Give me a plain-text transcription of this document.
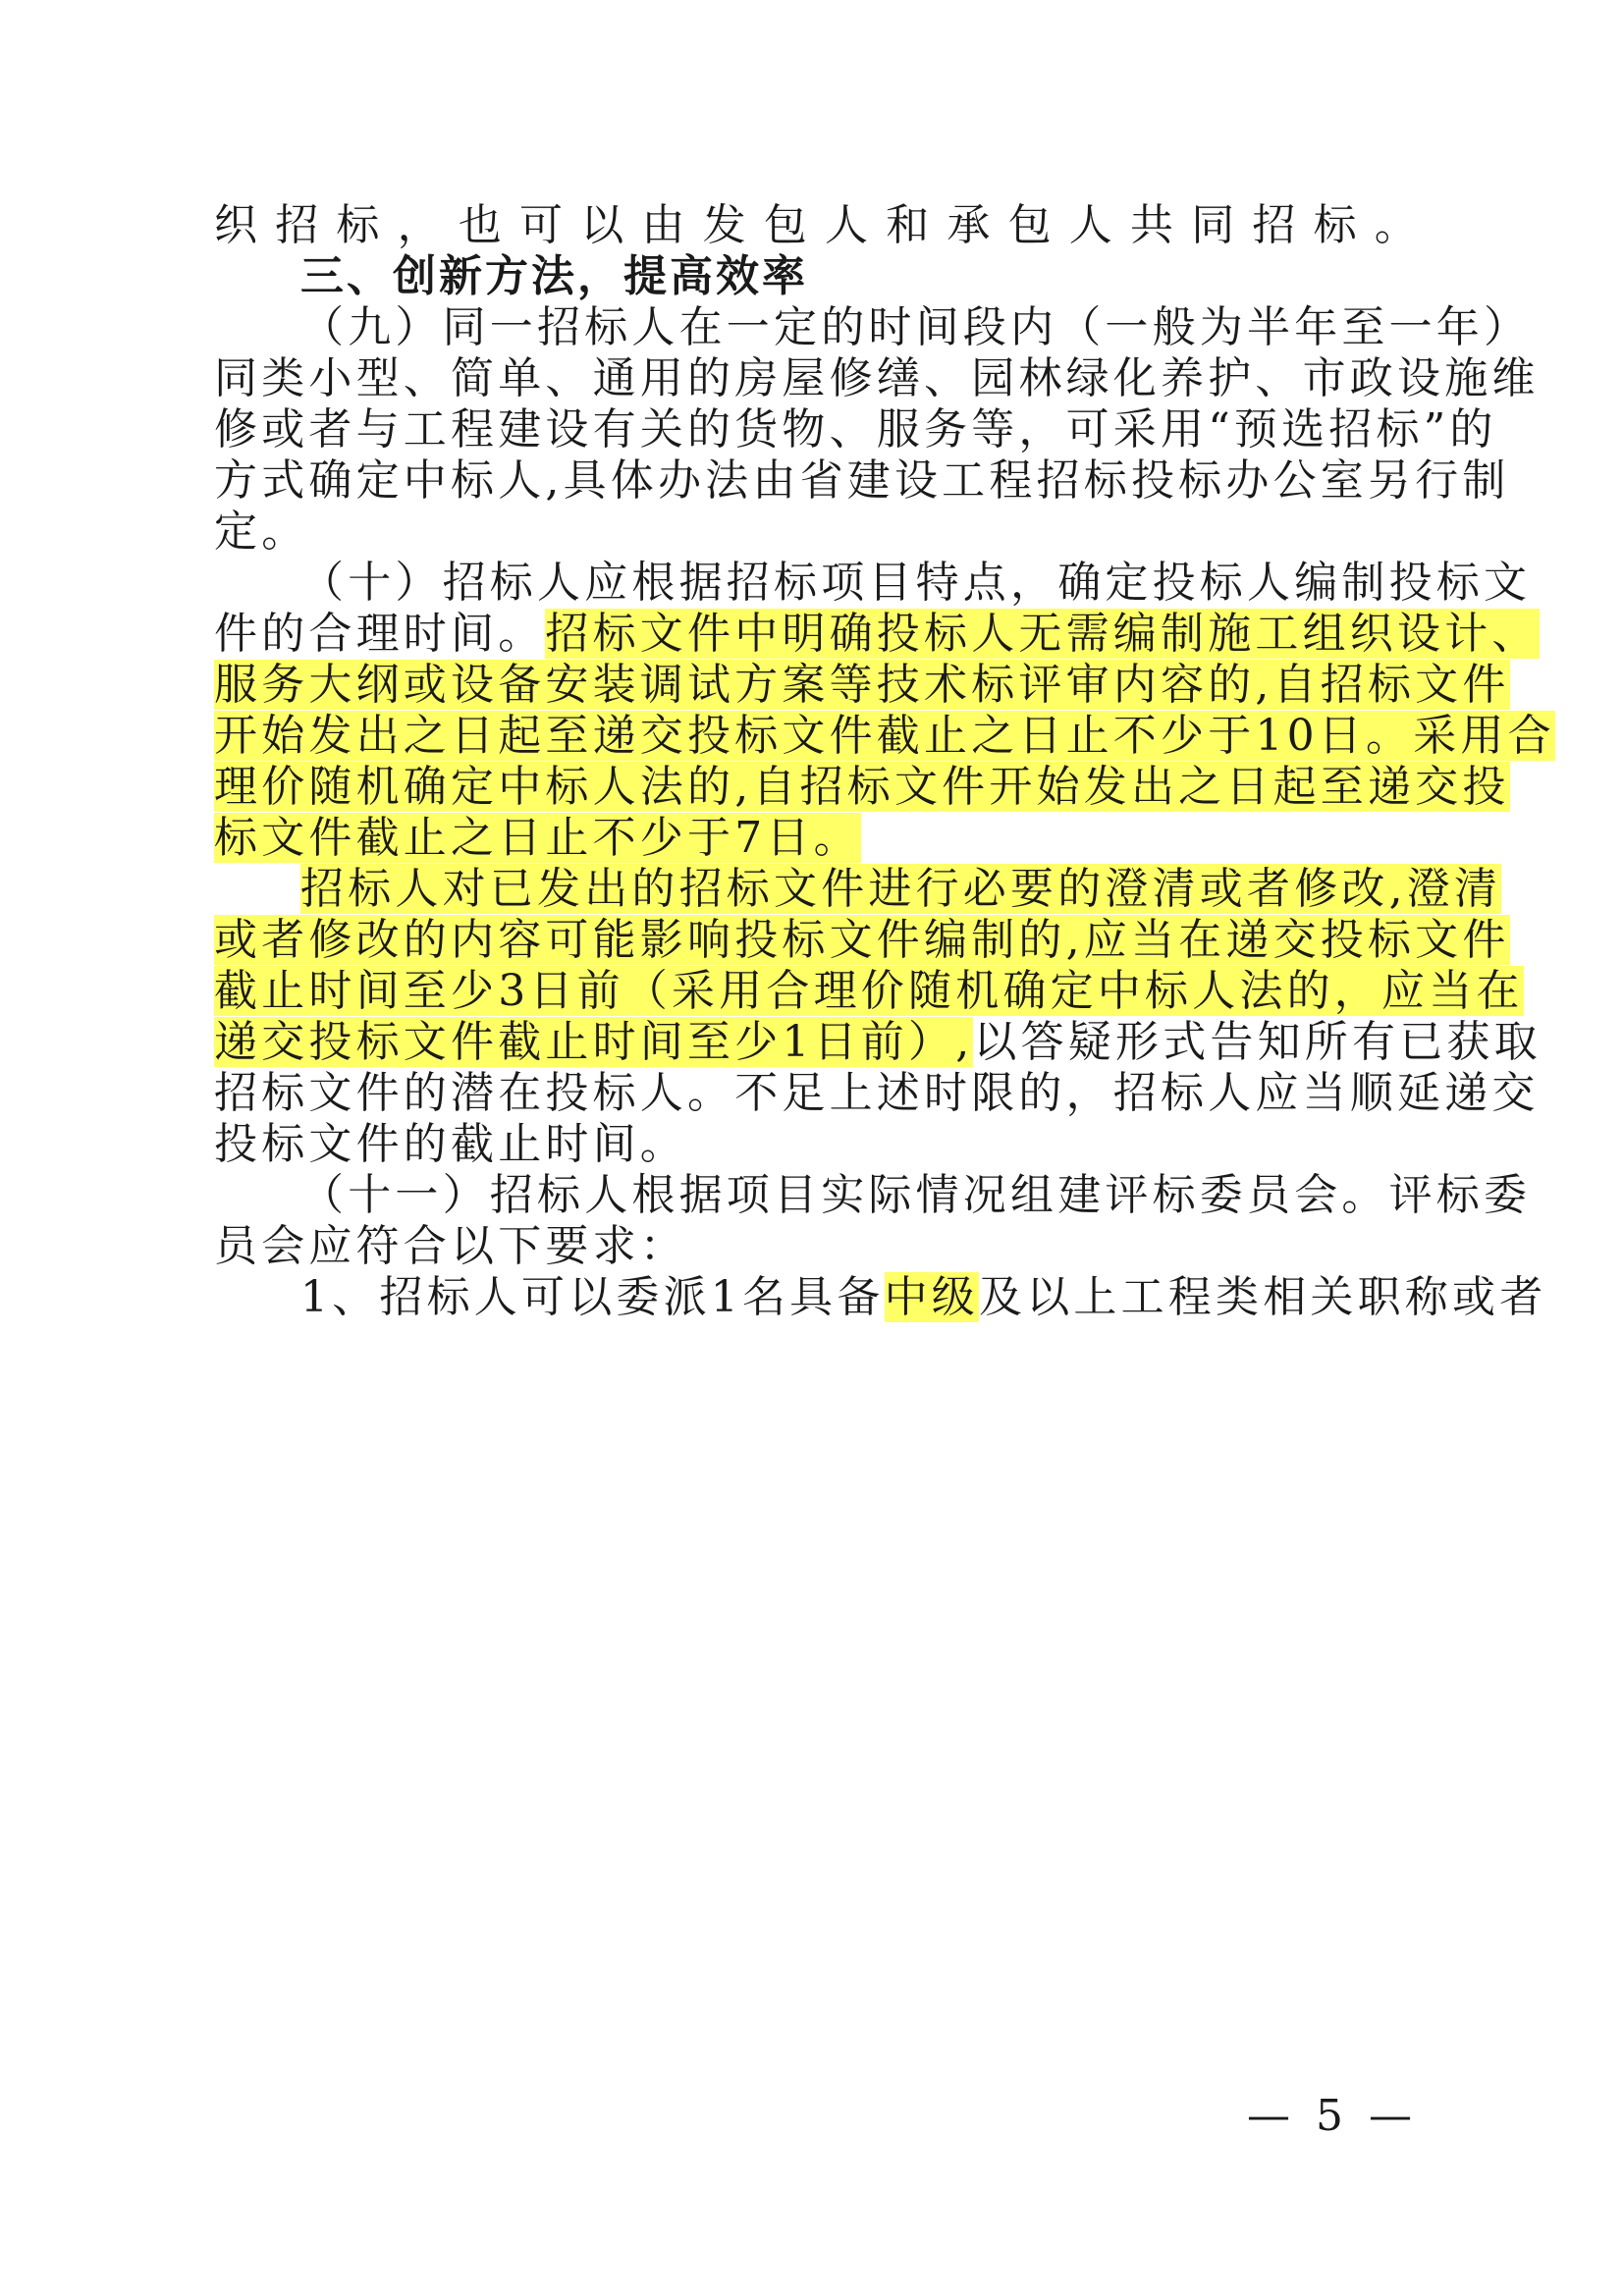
织招标，也可以由发包人和承包人共同招标。
三、创新方法，提高效率
（九）同一招标人在一定的时间段内（一般为半年至一年）
同类小型、简单、通用的房屋修缮、园林绿化养护、市政设施维
修或者与工程建设有关的货物、服务等，可采用“预选招标”的
方式确定中标人,具体办法由省建设工程招标投标办公室另行制
定。
（十）招标人应根据招标项目特点，确定投标人编制投标文
件的合理时间。招标文件中明确投标人无需编制施工组织设计、
服务大纲或设备安装调试方案等技术标评审内容的,自招标文件
开始发出之日起至递交投标文件截止之日止不少于10日。采用合
理价随机确定中标人法的,自招标文件开始发出之日起至递交投
标文件截止之日止不少于7日。
招标人对已发出的招标文件进行必要的澄清或者修改,澄清
或者修改的内容可能影响投标文件编制的,应当在递交投标文件
截止时间至少3日前（采用合理价随机确定中标人法的，应当在
递交投标文件截止时间至少1日前）,以答疑形式告知所有已获取
招标文件的潜在投标人。不足上述时限的，招标人应当顺延递交
投标文件的截止时间。
（十一）招标人根据项目实际情况组建评标委员会。评标委
员会应符合以下要求：
1、招标人可以委派1名具备中级及以上工程类相关职称或者
— 5 —
